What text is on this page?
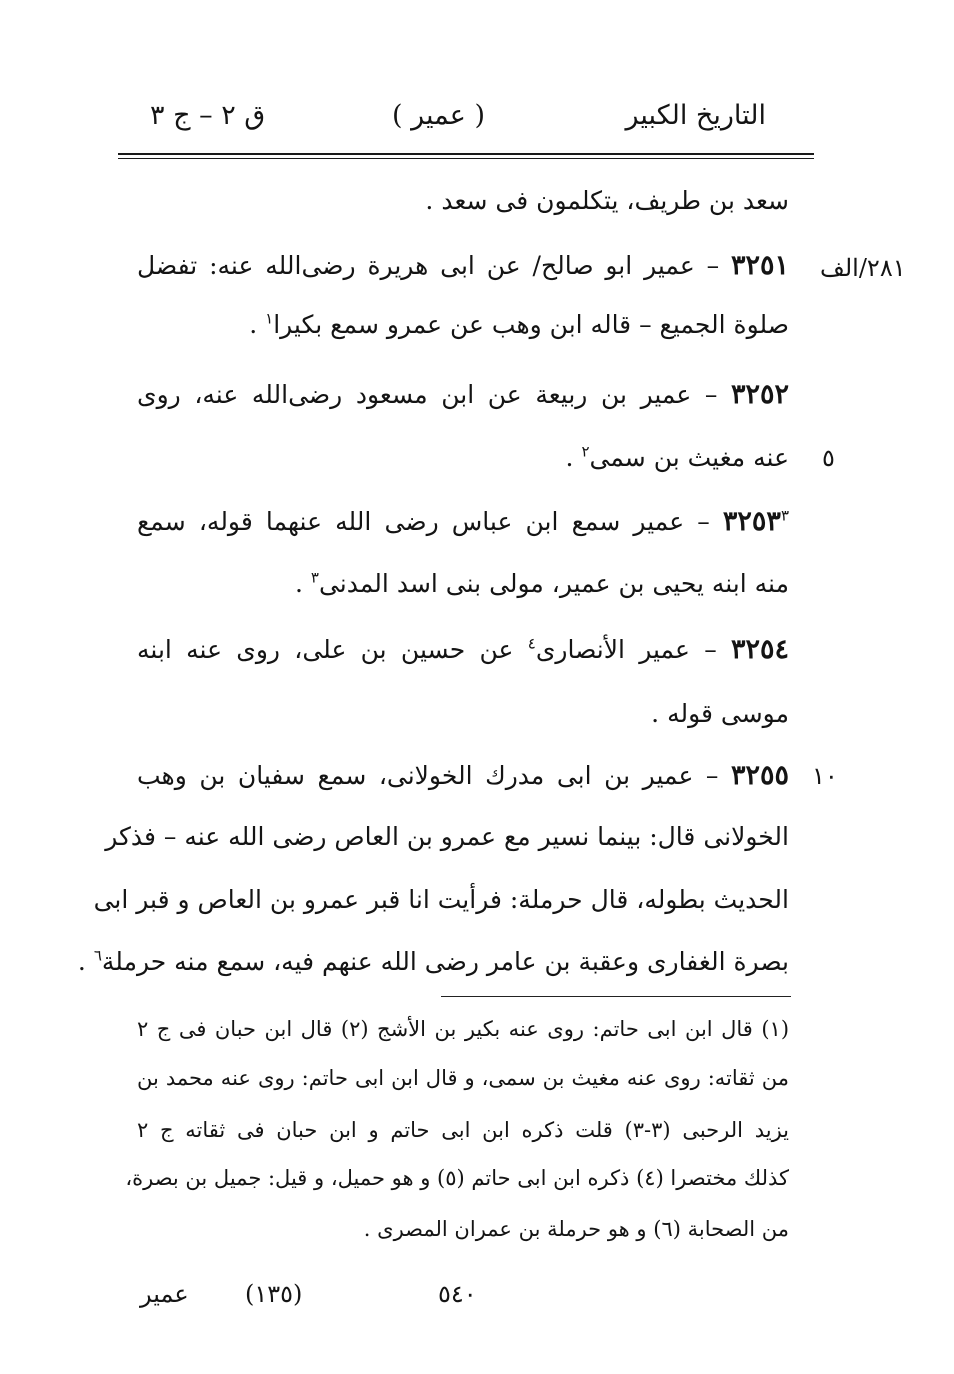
التاريخ الكبير
( عمير )
ق ٢ – ج ٣
٢٨١/الف
٥
١٠
سعد بن طريف، يتكلمون فى سعد .
٣٢٥١ – عمير ابو صالح/ عن ابى هريرة رضى‌الله عنه: تفضل
صلوة الجميع – قاله ابن وهب عن عمرو سمع بكيرا$^١$ .
٣٢٥٢ – عمير بن ربيعة عن ابن مسعود رضى‌الله عنه، روى
عنه مغيث بن سمى$^٢$ .
٣٢٥٣$^٣$ – عمير سمع ابن عباس رضى الله عنهما قوله، سمع
منه ابنه يحيى بن عمير، مولى بنى اسد المدنى$^٣$ .
٣٢٥٤ – عمير الأنصارى$^٤$ عن حسين بن على، روى عنه ابنه
موسى قوله .
٣٢٥٥ – عمير بن ابى مدرك الخولانى، سمع سفيان بن وهب
الخولانى قال: بينما نسير مع عمرو بن العاص رضى الله عنه – فذكر
الحديث بطوله، قال حرملة: فرأيت انا قبر عمرو بن العاص و قبر ابى
بصرة الغفارى وعقبة بن عامر رضى الله عنهم فيه، سمع منه حرملة$^٦$ .
(١) قال ابن ابى حاتم: روى عنه بكير بن الأشج (٢) قال ابن حبان فى ج ٢
من ثقاته: روى عنه مغيث بن سمى، و قال ابن ابى حاتم: روى عنه محمد بن
يزيد الرحبى (٣-٣) قلت ذكره ابن ابى حاتم و ابن حبان فى ثقاته ج ٢
كذلك مختصرا (٤) ذكره ابن ابى حاتم (٥) و هو حميل، و قيل: جميل بن بصرة،
من الصحابة (٦) و هو حرملة بن عمران المصرى .
٥٤٠
(١٣٥)
عمير
